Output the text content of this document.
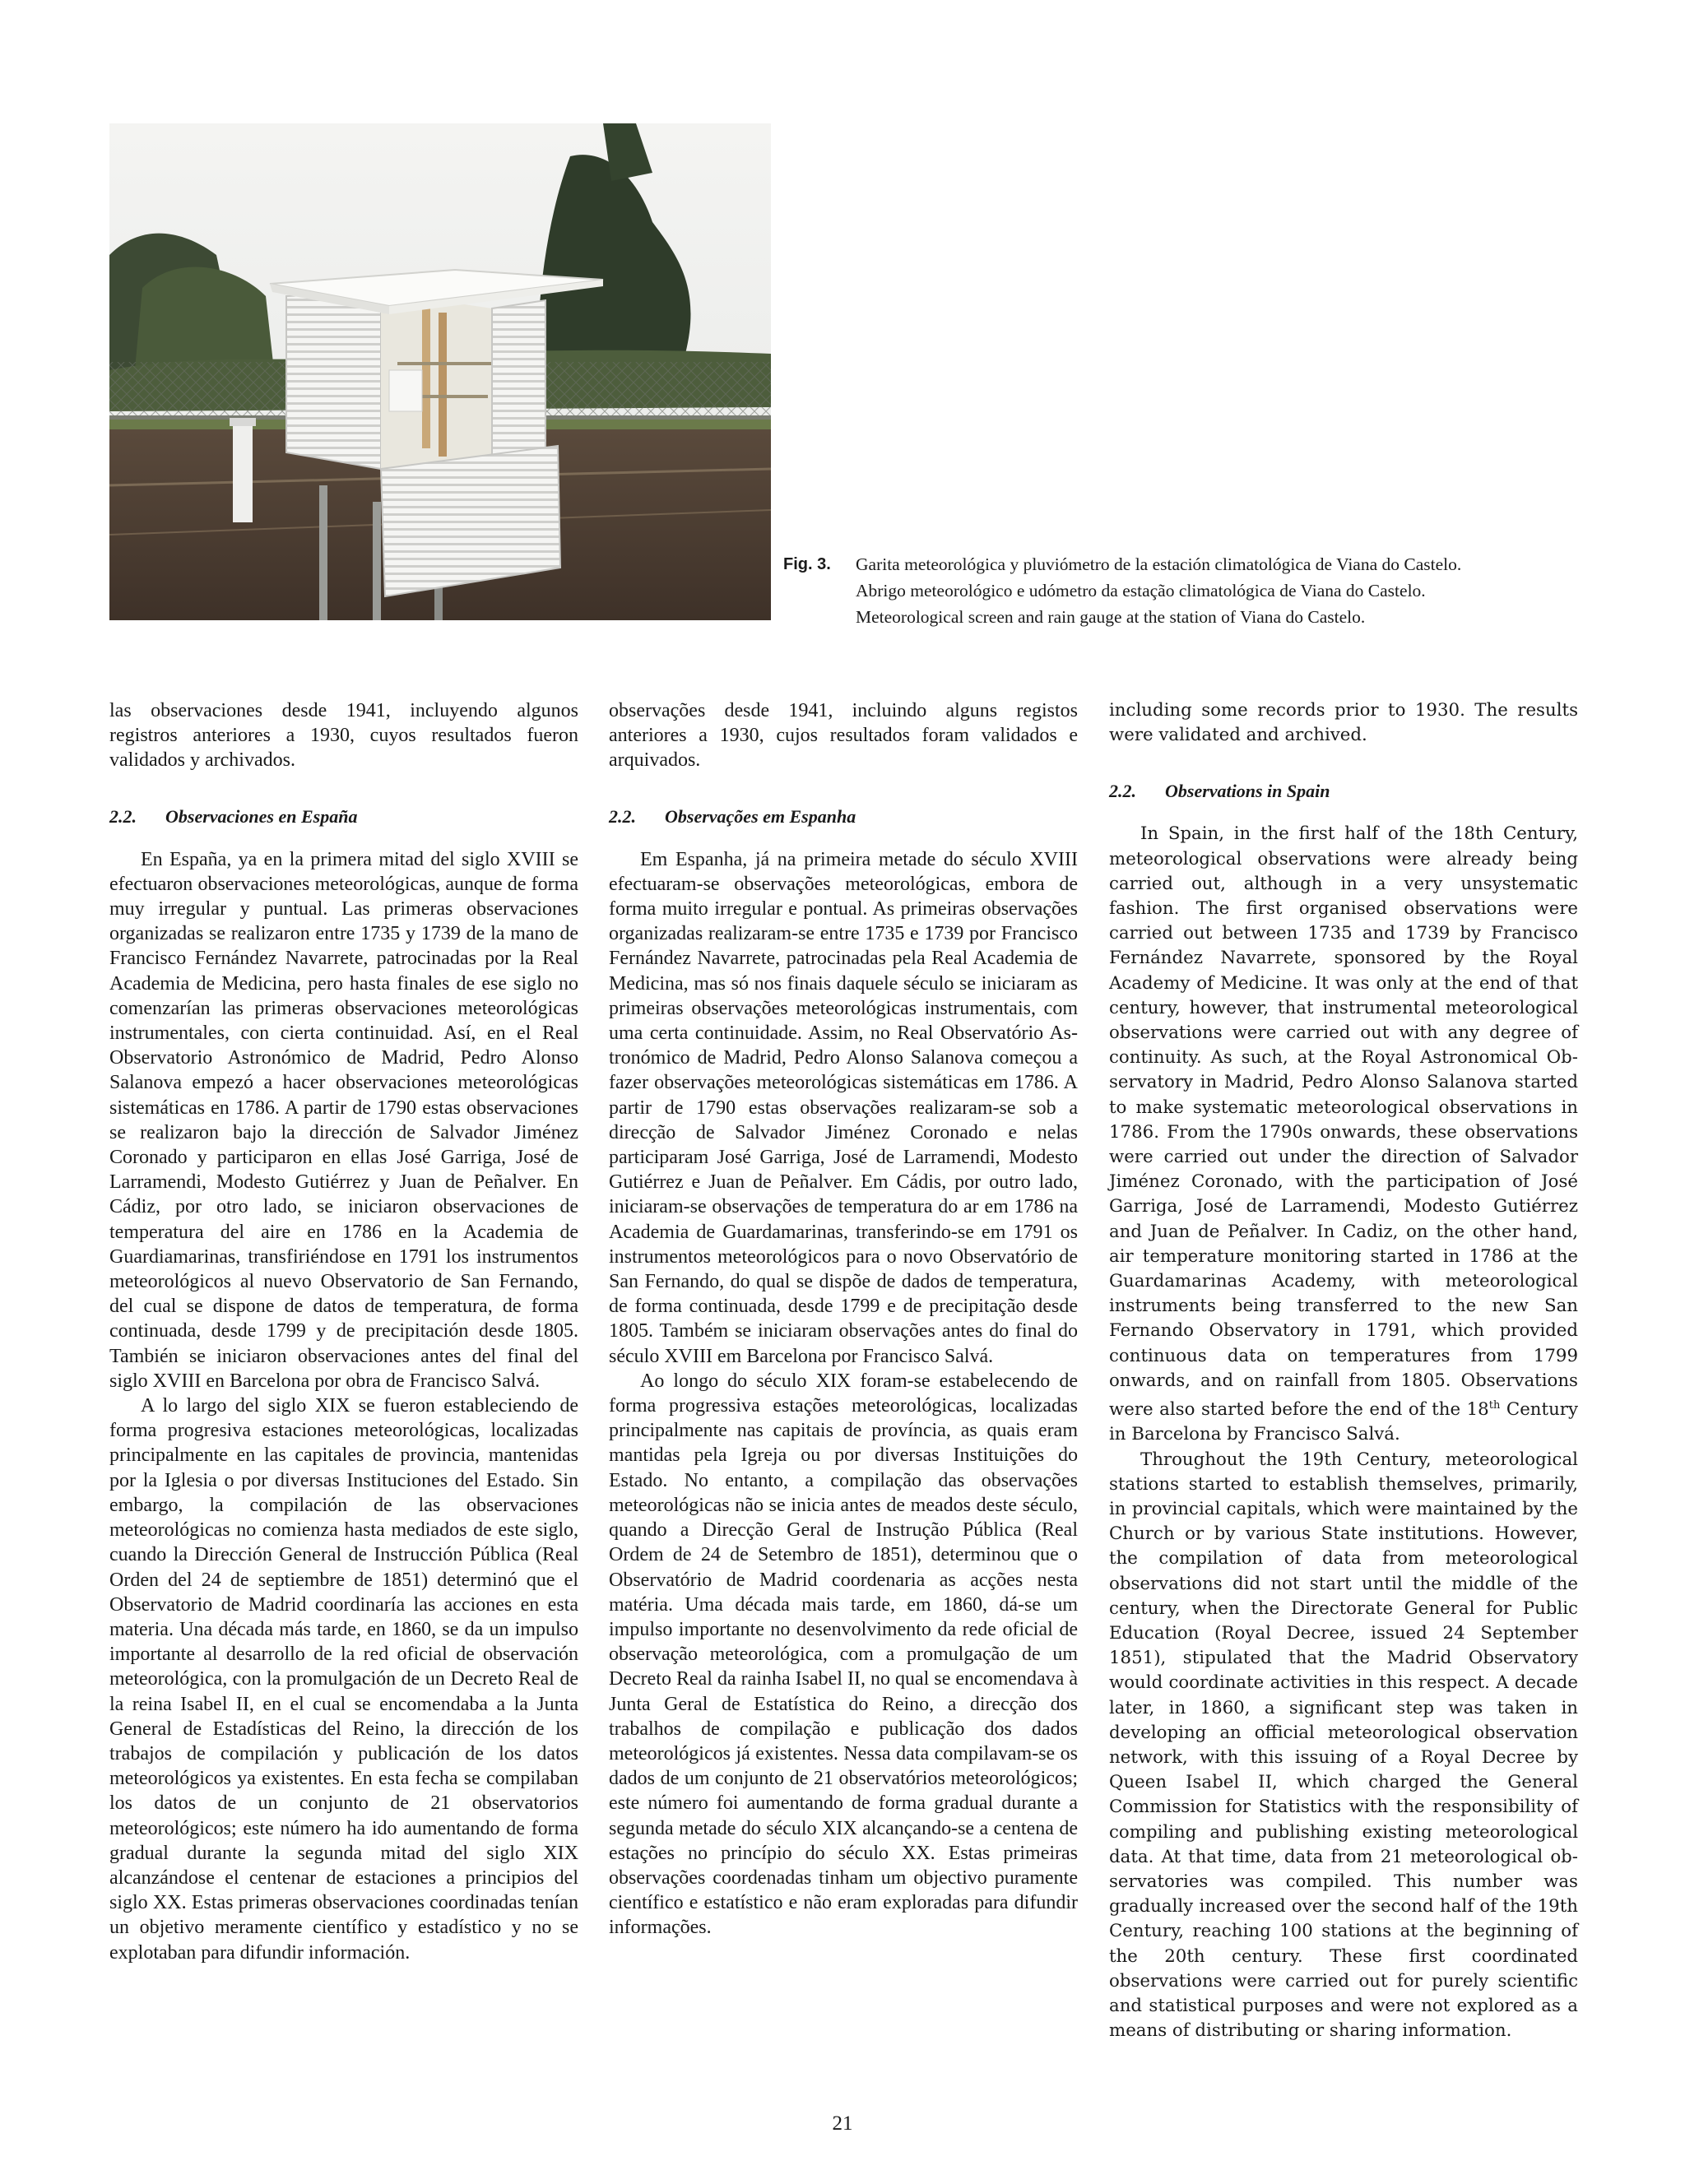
Fig. 3. Garita meteorológica y pluviómetro de la estación climatológica de Viana do Castelo.
Abrigo meteorológico e udómetro da estação climatológica de Viana do Castelo.
Meteorological screen and rain gauge at the station of Viana do Castelo.

las observaciones desde 1941, incluyendo algunos registros anteriores a 1930, cuyos resultados fueron validados y archivados.

2.2. Observaciones en España

En España, ya en la primera mitad del siglo XVIII se efectuaron observaciones meteorológicas, aunque de forma muy irregular y puntual. Las primeras observaciones organizadas se realizaron entre 1735 y 1739 de la mano de Francisco Fernández Navarrete, patrocinadas por la Real Academia de Medicina, pero hasta finales de ese siglo no comenzarían las primeras observaciones meteorológicas instrumentales, con cierta continuidad. Así, en el Real Observatorio Astronómico de Madrid, Pedro Alonso Salanova empezó a hacer observaciones meteorológicas sistemáticas en 1786. A partir de 1790 estas observaciones se realizaron bajo la dirección de Salvador Jiménez Coronado y participaron en ellas José Garriga, José de Larramendi, Modesto Gutiérrez y Juan de Peñalver. En Cádiz, por otro lado, se iniciaron observaciones de temperatura del aire en 1786 en la Academia de Guardiamarinas, transfiriéndose en 1791 los instrumentos meteorológicos al nuevo Observatorio de San Fernando, del cual se dispone de datos de temperatura, de forma continuada, desde 1799 y de precipitación desde 1805. También se iniciaron observaciones antes del final del siglo XVIII en Barcelona por obra de Francisco Salvá.

A lo largo del siglo XIX se fueron estableciendo de forma progresiva estaciones meteorológicas, localizadas principalmente en las capitales de provincia, mantenidas por la Iglesia o por diversas Instituciones del Estado. Sin embargo, la compilación de las observaciones meteorológicas no comienza hasta mediados de este siglo, cuando la Dirección General de Instrucción Pública (Real Orden del 24 de septiembre de 1851) determinó que el Observatorio de Madrid coordinaría las acciones en esta materia. Una década más tarde, en 1860, se da un impulso importante al desarrollo de la red oficial de observación meteorológica, con la promulgación de un Decreto Real de la reina Isabel II, en el cual se encomendaba a la Junta General de Estadísticas del Reino, la dirección de los trabajos de compilación y publicación de los datos meteorológicos ya existentes. En esta fecha se compilaban los datos de un conjunto de 21 observatorios meteorológicos; este número ha ido aumentando de forma gradual durante la segunda mitad del siglo XIX alcanzándose el centenar de estaciones a principios del siglo XX. Estas primeras observaciones coordinadas tenían un objetivo meramente científico y estadístico y no se explotaban para difundir información.

observações desde 1941, incluindo alguns registos anteriores a 1930, cujos resultados foram validados e arquivados.

2.2. Observações em Espanha

Em Espanha, já na primeira metade do século XVIII efectuaram-se observações meteorológicas, embora de forma muito irregular e pontual. As primeiras observações organizadas realizaram-se entre 1735 e 1739 por Francisco Fernández Navarrete, patrocinadas pela Real Academia de Medicina, mas só nos finais daquele século se iniciaram as primeiras observações meteorológicas instrumentais, com uma certa continuidade. Assim, no Real Observatório Astronómico de Madrid, Pedro Alonso Salanova começou a fazer observações meteorológicas sistemáticas em 1786. A partir de 1790 estas observações realizaram-se sob a direcção de Salvador Jiménez Coronado e nelas participaram José Garriga, José de Larramendi, Modesto Gutiérrez e Juan de Peñalver. Em Cádis, por outro lado, iniciaram-se observações de temperatura do ar em 1786 na Academia de Guardamarinas, transferindo-se em 1791 os instrumentos meteorológicos para o novo Observatório de San Fernando, do qual se dispõe de dados de temperatura, de forma continuada, desde 1799 e de precipitação desde 1805. Também se iniciaram observações antes do final do século XVIII em Barcelona por Francisco Salvá.

Ao longo do século XIX foram-se estabelecendo de forma progressiva estações meteorológicas, localizadas principalmente nas capitais de província, as quais eram mantidas pela Igreja ou por diversas Instituições do Estado. No entanto, a compilação das observações meteorológicas não se inicia antes de meados deste século, quando a Direcção Geral de Instrução Pública (Real Ordem de 24 de Setembro de 1851), determinou que o Observatório de Madrid coordenaria as acções nesta matéria. Uma década mais tarde, em 1860, dá-se um impulso importante no desenvolvimento da rede oficial de observação meteorológica, com a promulgação de um Decreto Real da rainha Isabel II, no qual se encomendava à Junta Geral de Estatística do Reino, a direcção dos trabalhos de compilação e publicação dos dados meteorológicos já existentes. Nessa data compilavam-se os dados de um conjunto de 21 observatórios meteorológicos; este número foi aumentando de forma gradual durante a segunda metade do século XIX alcançando-se a centena de estações no princípio do século XX. Estas primeiras observações coordenadas tinham um objectivo puramente científico e estatístico e não eram exploradas para difundir informações.

including some records prior to 1930. The results were validated and archived.

2.2. Observations in Spain

In Spain, in the first half of the 18th Century, meteorological observations were already being carried out, although in a very unsystematic fashion. The first organised observations were carried out between 1735 and 1739 by Francisco Fernández Navarrete, sponsored by the Royal Academy of Medicine. It was only at the end of that century, however, that instrumental meteorological observations were carried out with any degree of continuity. As such, at the Royal Astronomical Observatory in Madrid, Pedro Alonso Salanova started to make systematic meteorological observations in 1786. From the 1790s onwards, these observations were carried out under the direction of Salvador Jiménez Coronado, with the participation of José Garriga, José de Larramendi, Modesto Gutiérrez and Juan de Peñalver. In Cadiz, on the other hand, air temperature monitoring started in 1786 at the Guardamarinas Academy, with meteorological instruments being transferred to the new San Fernando Observatory in 1791, which provided continuous data on temperatures from 1799 onwards, and on rainfall from 1805. Observations were also started before the end of the 18th Century in Barcelona by Francisco Salvá.

Throughout the 19th Century, meteorological stations started to establish themselves, primarily, in provincial capitals, which were maintained by the Church or by various State institutions. However, the compilation of data from meteorological observations did not start until the middle of the century, when the Directorate General for Public Education (Royal Decree, issued 24 September 1851), stipulated that the Madrid Observatory would coordinate activities in this respect. A decade later, in 1860, a significant step was taken in developing an official meteorological observation network, with this issuing of a Royal Decree by Queen Isabel II, which charged the General Commission for Statistics with the responsibility of compiling and publishing existing meteorological data. At that time, data from 21 meteorological observatories was compiled. This number was gradually increased over the second half of the 19th Century, reaching 100 stations at the beginning of the 20th century. These first coordinated observations were carried out for purely scientific and statistical purposes and were not explored as a means of distributing or sharing information.

21
